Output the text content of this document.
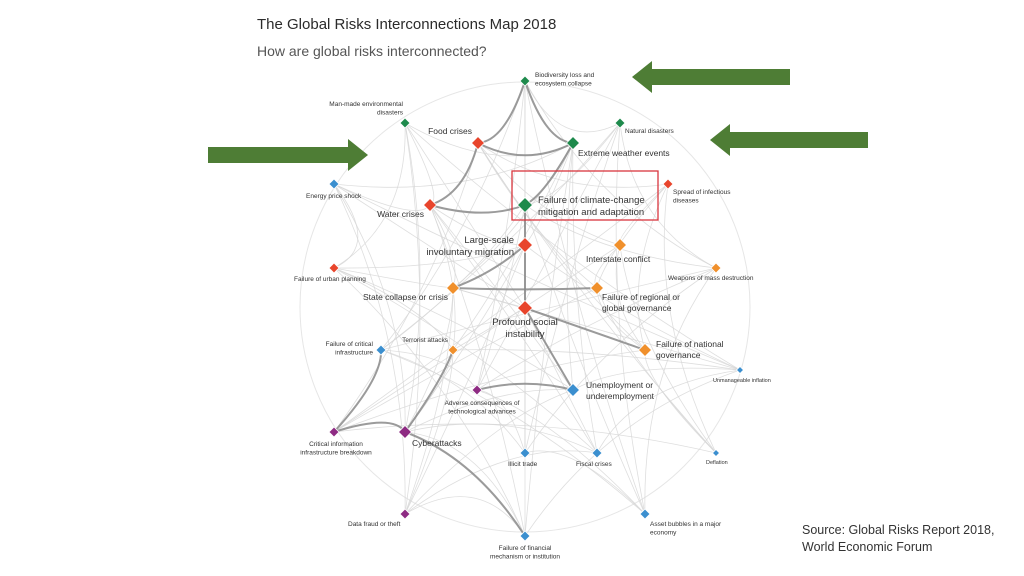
The Global Risks Interconnections Map 2018
How are global risks interconnected?
Biodiversity loss and ecosystem collapse
Man-made environmental disasters
Food crises
Extreme weather events
Natural disasters
Energy price shock
Spread of infectious diseases
Water crises
Failure of climate-change mitigation and adaptation
Large-scale involuntary migration
Interstate conflict
Failure of urban planning	Weapons of mass destruction
State collapse or crisis	Failure of regional or global governance
Profound social instability
Failure of critical infrastructure
Terrorist attacks	Failure of national governance
Unmanageable inflation
Adverse consequences of technological advances
Unemployment or underemployment
Critical information infrastructure breakdown
Cyberattacks
Illicit trade	Fiscal crises	Deflation
Data fraud or theft	Asset bubbles in a major economy
Failure of financial mechanism or institution
Source: Global Risks Report 2018,
World Economic Forum
